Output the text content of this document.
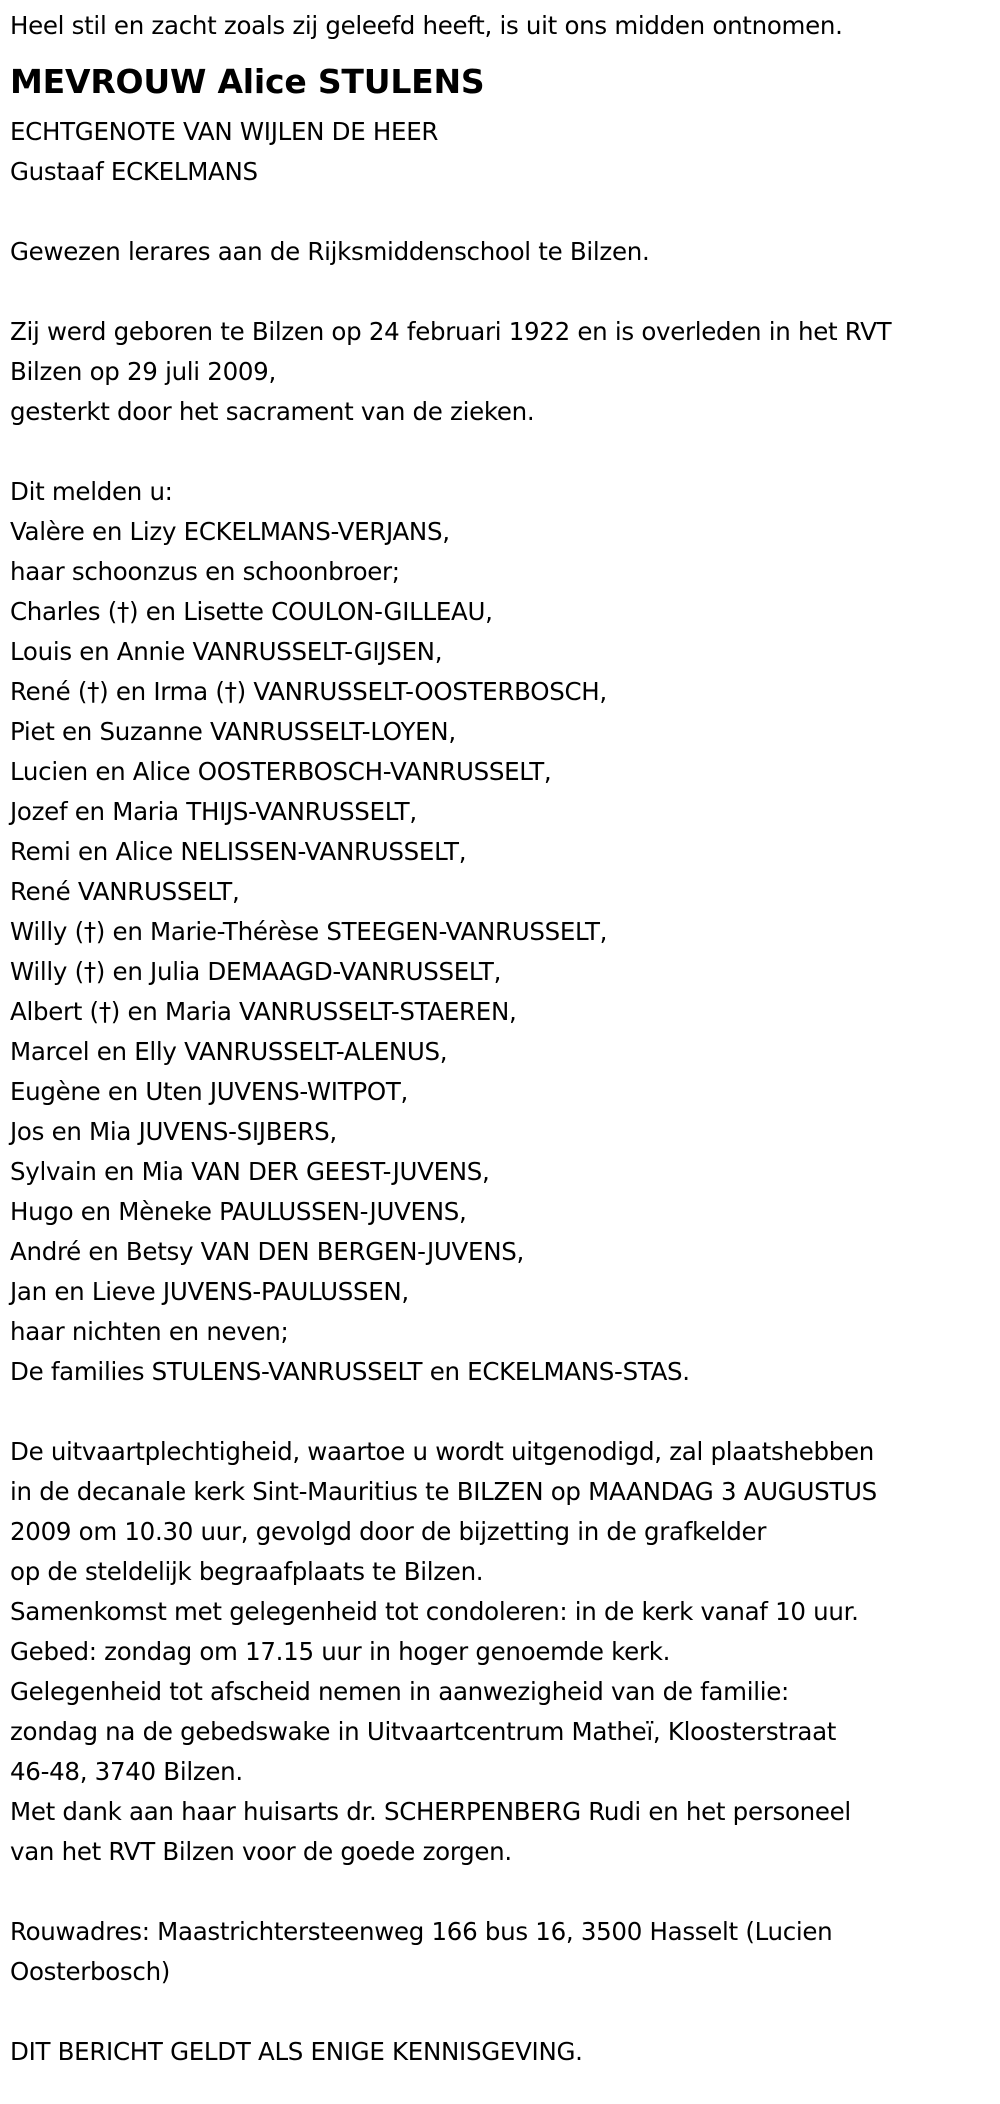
Heel stil en zacht zoals zij geleefd heeft, is uit ons midden ontnomen.
MEVROUW Alice STULENS
ECHTGENOTE VAN WIJLEN DE HEER
Gustaaf ECKELMANS
Gewezen lerares aan de Rijksmiddenschool te Bilzen.
Zij werd geboren te Bilzen op 24 februari 1922 en is overleden in het RVT
Bilzen op 29 juli 2009,
gesterkt door het sacrament van de zieken.
Dit melden u:
Valère en Lizy ECKELMANS-VERJANS,
haar schoonzus en schoonbroer;
Charles (†) en Lisette COULON-GILLEAU,
Louis en Annie VANRUSSELT-GIJSEN,
René (†) en Irma (†) VANRUSSELT-OOSTERBOSCH,
Piet en Suzanne VANRUSSELT-LOYEN,
Lucien en Alice OOSTERBOSCH-VANRUSSELT,
Jozef en Maria THIJS-VANRUSSELT,
Remi en Alice NELISSEN-VANRUSSELT,
René VANRUSSELT,
Willy (†) en Marie-Thérèse STEEGEN-VANRUSSELT,
Willy (†) en Julia DEMAAGD-VANRUSSELT,
Albert (†) en Maria VANRUSSELT-STAEREN,
Marcel en Elly VANRUSSELT-ALENUS,
Eugène en Uten JUVENS-WITPOT,
Jos en Mia JUVENS-SIJBERS,
Sylvain en Mia VAN DER GEEST-JUVENS,
Hugo en Mèneke PAULUSSEN-JUVENS,
André en Betsy VAN DEN BERGEN-JUVENS,
Jan en Lieve JUVENS-PAULUSSEN,
haar nichten en neven;
De families STULENS-VANRUSSELT en ECKELMANS-STAS.
De uitvaartplechtigheid, waartoe u wordt uitgenodigd, zal plaatshebben
in de decanale kerk Sint-Mauritius te BILZEN op MAANDAG 3 AUGUSTUS
2009 om 10.30 uur, gevolgd door de bijzetting in de grafkelder
op de steldelijk begraafplaats te Bilzen.
Samenkomst met gelegenheid tot condoleren: in de kerk vanaf 10 uur.
Gebed: zondag om 17.15 uur in hoger genoemde kerk.
Gelegenheid tot afscheid nemen in aanwezigheid van de familie:
zondag na de gebedswake in Uitvaartcentrum Matheï, Kloosterstraat
46-48, 3740 Bilzen.
Met dank aan haar huisarts dr. SCHERPENBERG Rudi en het personeel
van het RVT Bilzen voor de goede zorgen.
Rouwadres: Maastrichtersteenweg 166 bus 16, 3500 Hasselt (Lucien
Oosterbosch)
DIT BERICHT GELDT ALS ENIGE KENNISGEVING.
